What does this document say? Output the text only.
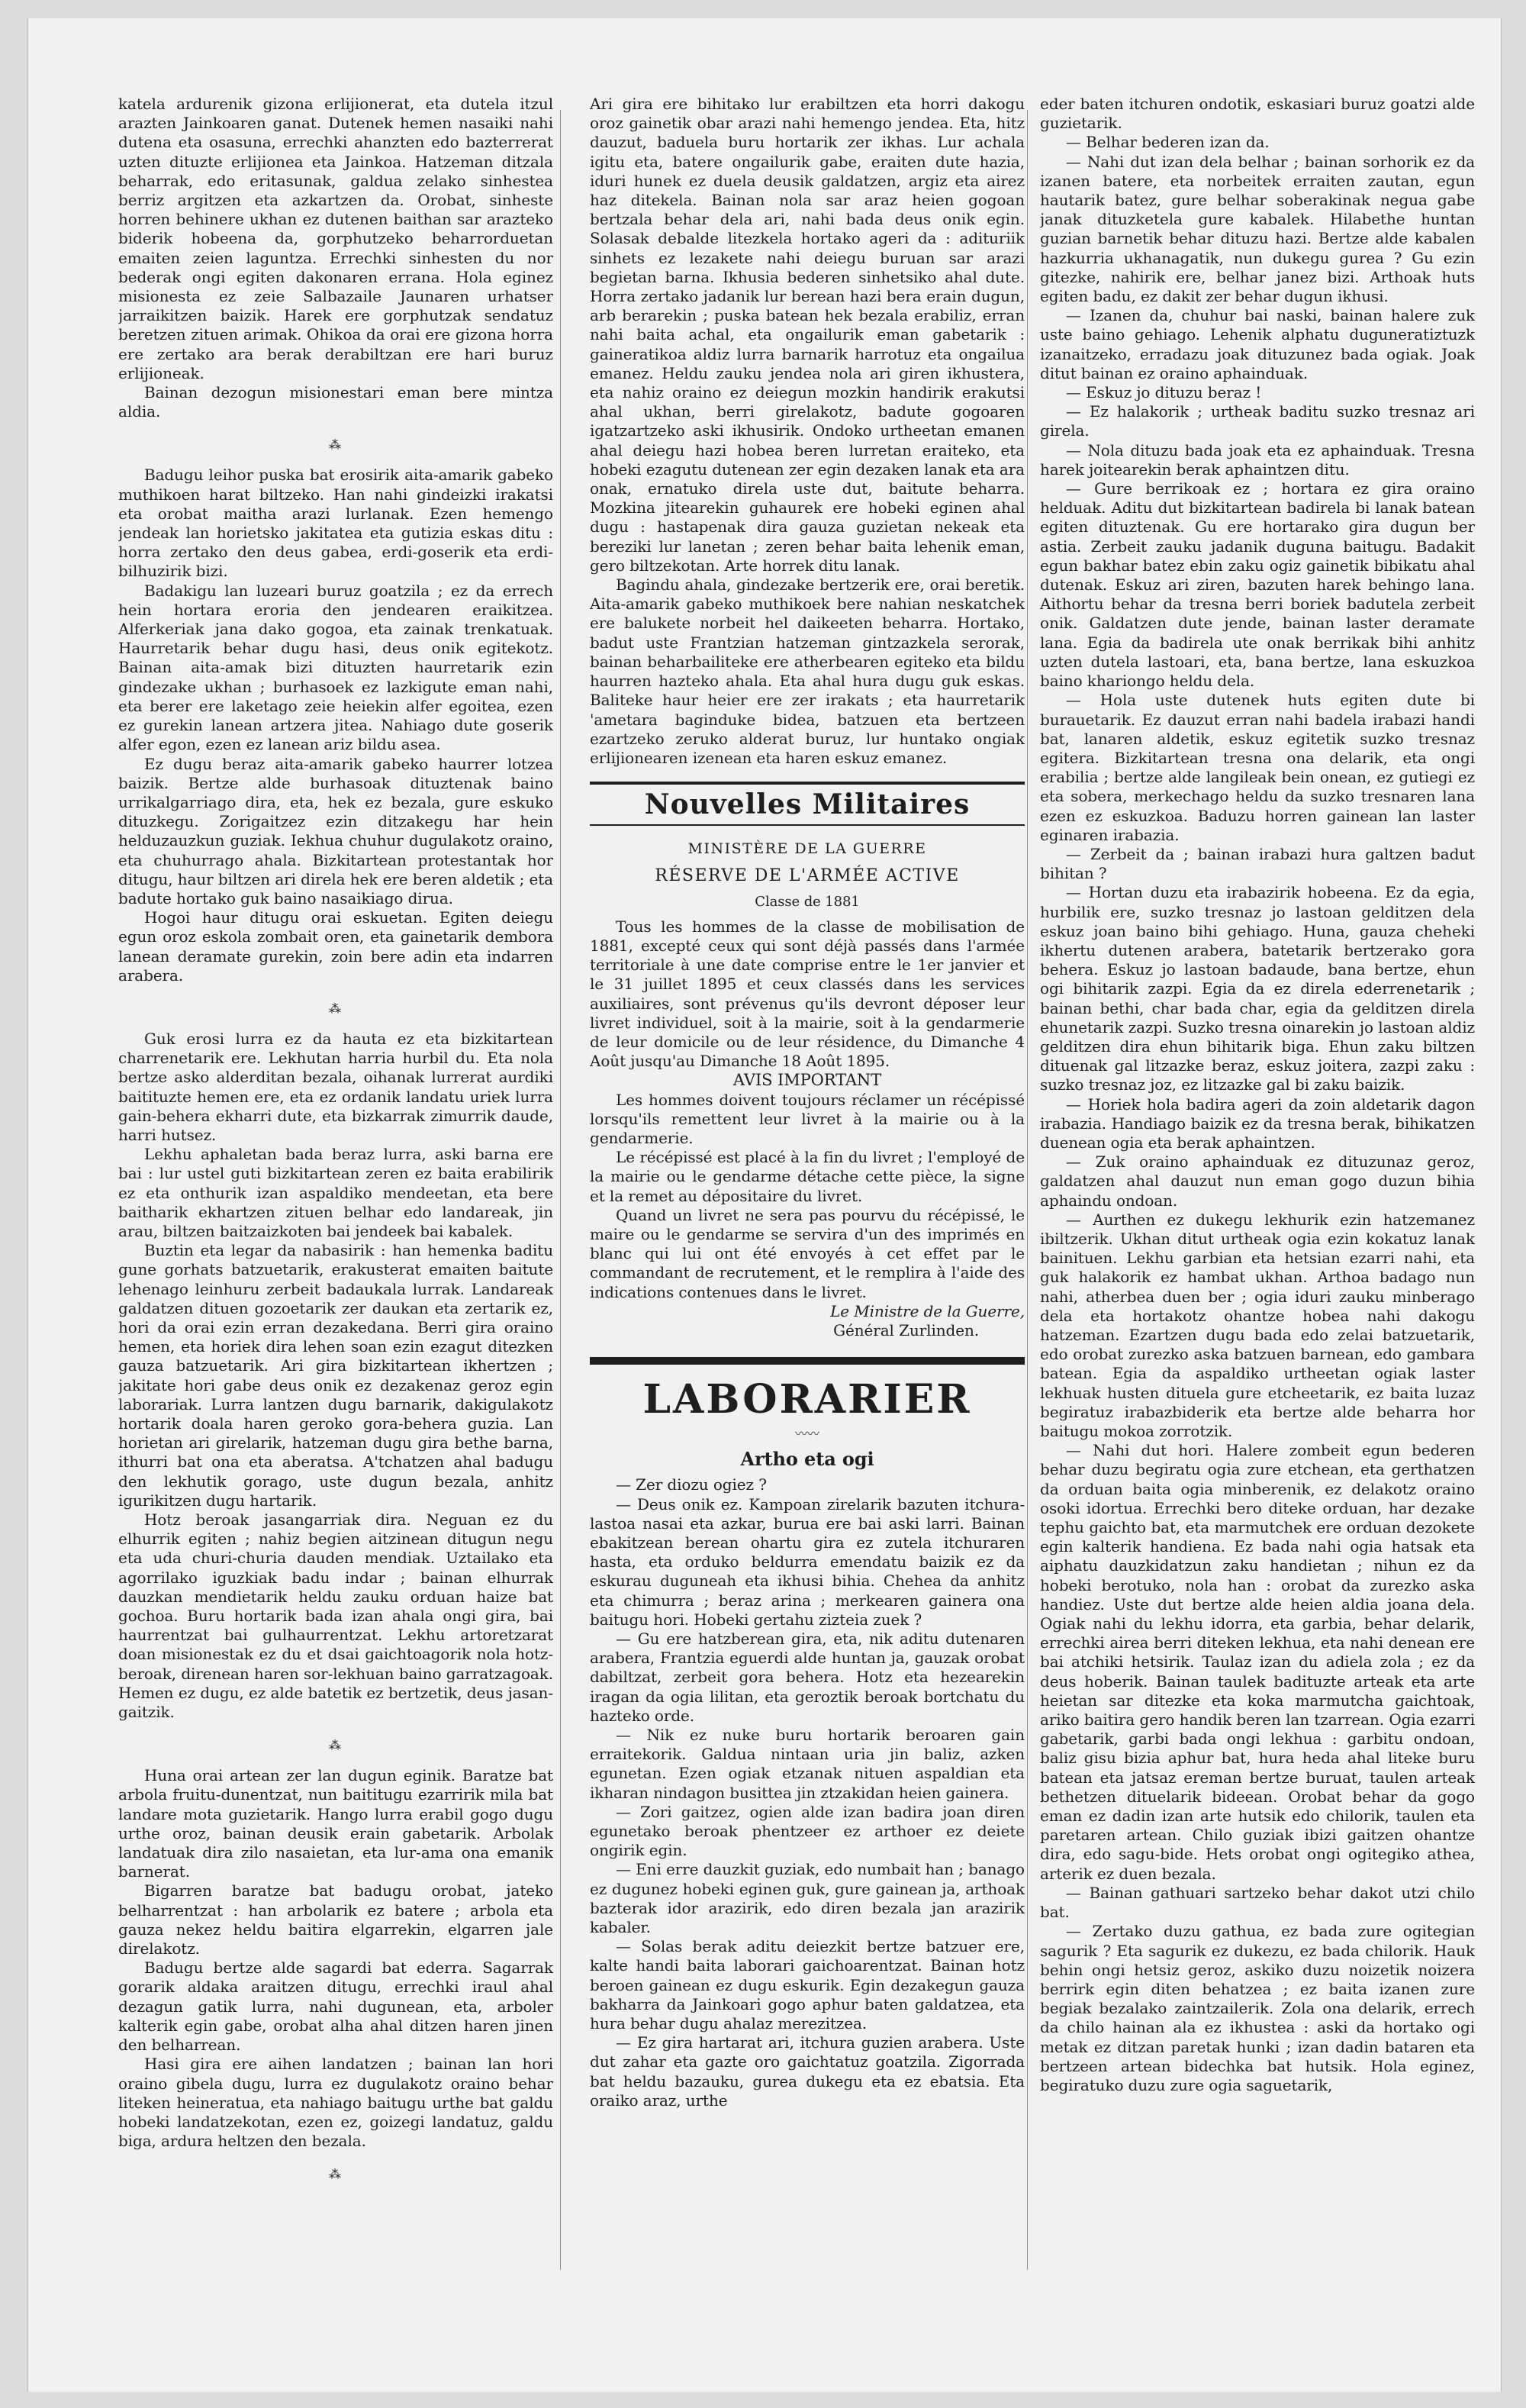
katela ardurenik gizona erlijionerat, eta dutela itzul arazten Jainkoaren ganat. Dutenek hemen nasaiki nahi dutena eta osasuna, errechki ahanzten edo bazterrerat uzten dituzte erlijionea eta Jainkoa. Hatzeman ditzala beharrak, edo eritasunak, galdua zelako sinhestea berriz argitzen eta azkartzen da. Orobat, sinheste horren behinere ukhan ez dutenen baithan sar arazteko biderik hobeena da, gorphutzeko beharrorduetan emaiten zeien laguntza. Errechki sinhesten du nor bederak ongi egiten dakonaren errana. Hola eginez misionesta ez zeie Salbazaile Jaunaren urhatser jarraikitzen baizik. Harek ere gorphutzak sendatuz beretzen zituen arimak. Ohikoa da orai ere gizona horra ere zertako ara berak derabiltzan ere hari buruz erlijioneak.

Bainan dezogun misionestari eman bere mintza aldia.

⁂

Badugu leihor puska bat erosirik aita-amarik gabeko muthikoen harat biltzeko. Han nahi gindeizki irakatsi eta orobat maitha arazi lurlanak. Ezen hemengo jendeak lan horietsko jakitatea eta gutizia eskas ditu : horra zertako den deus gabea, erdi-goserik eta erdi-bilhuzirik bizi.

Badakigu lan luzeari buruz goatzila ; ez da errech hein hortara eroria den jendearen eraikitzea. Alferkeriak jana dako gogoa, eta zainak trenkatuak. Haurretarik behar dugu hasi, deus onik egitekotz. Bainan aita-amak bizi dituzten haurretarik ezin gindezake ukhan ; burhasoek ez lazkigute eman nahi, eta berer ere laketago zeie heiekin alfer egoitea, ezen ez gurekin lanean artzera jitea. Nahiago dute goserik alfer egon, ezen ez lanean ariz bildu asea.

Ez dugu beraz aita-amarik gabeko haurrer lotzea baizik. Bertze alde burhasoak dituztenak baino urrikalgarriago dira, eta, hek ez bezala, gure eskuko dituzkegu. Zorigaitzez ezin ditzakegu har hein helduzauzkun guziak. Iekhua chuhur dugulakotz oraino, eta chuhurrago ahala. Bizkitartean protestantak hor ditugu, haur biltzen ari direla hek ere beren aldetik ; eta badute hortako guk baino nasaikiago dirua.

Hogoi haur ditugu orai eskuetan. Egiten deiegu egun oroz eskola zombait oren, eta gainetarik dembora lanean deramate gurekin, zoin bere adin eta indarren arabera.

⁂

Guk erosi lurra ez da hauta ez eta bizkitartean charrenetarik ere. Lekhutan harria hurbil du. Eta nola bertze asko alderditan bezala, oihanak lurrerat aurdiki baitituzte hemen ere, eta ez ordanik landatu uriek lurra gain-behera ekharri dute, eta bizkarrak zimurrik daude, harri hutsez.

Lekhu aphaletan bada beraz lurra, aski barna ere bai : lur ustel guti bizkitartean zeren ez baita erabilirik ez eta onthurik izan aspaldiko mendeetan, eta bere baitharik ekhartzen zituen belhar edo landareak, jin arau, biltzen baitzaizkoten bai jendeek bai kabalek.

Buztin eta legar da nabasirik : han hemenka baditu gune gorhats batzuetarik, erakusterat emaiten baitute lehenago leinhuru zerbeit badaukala lurrak. Landareak galdatzen dituen gozoetarik zer daukan eta zertarik ez, hori da orai ezin erran dezakedana. Berri gira oraino hemen, eta horiek dira lehen soan ezin ezagut ditezken gauza batzuetarik. Ari gira bizkitartean ikhertzen ; jakitate hori gabe deus onik ez dezakenaz geroz egin laborariak. Lurra lantzen dugu barnarik, dakigulakotz hortarik doala haren geroko gora-behera guzia. Lan horietan ari girelarik, hatzeman dugu gira bethe barna, ithurri bat ona eta aberatsa. A'tchatzen ahal badugu den lekhutik gorago, uste dugun bezala, anhitz igurikitzen dugu hartarik.

Hotz beroak jasangarriak dira. Neguan ez du elhurrik egiten ; nahiz begien aitzinean ditugun negu eta uda churi-churia dauden mendiak. Uztailako eta agorrilako iguzkiak badu indar ; bainan elhurrak dauzkan mendietarik heldu zauku orduan haize bat gochoa. Buru hortarik bada izan ahala ongi gira, bai haurrentzat bai gulhaurrentzat. Lekhu artoretzarat doan misionestak ez du et dsai gaichtoagorik nola hotz-beroak, direnean haren sor-lekhuan baino garratzagoak. Hemen ez dugu, ez alde batetik ez bertzetik, deus jasan-gaitzik.

⁂

Huna orai artean zer lan dugun eginik. Baratze bat arbola fruitu-dunentzat, nun baititugu ezarririk mila bat landare mota guzietarik. Hango lurra erabil gogo dugu urthe oroz, bainan deusik erain gabetarik. Arbolak landatuak dira zilo nasaietan, eta lur-ama ona emanik barnerat.

Bigarren baratze bat badugu orobat, jateko belharrentzat : han arbolarik ez batere ; arbola eta gauza nekez heldu baitira elgarrekin, elgarren jale direlakotz.

Badugu bertze alde sagardi bat ederra. Sagarrak gorarik aldaka araitzen ditugu, errechki iraul ahal dezagun gatik lurra, nahi dugunean, eta, arboler kalterik egin gabe, orobat alha ahal ditzen haren jinen den belharrean.

Hasi gira ere aihen landatzen ; bainan lan hori oraino gibela dugu, lurra ez dugulakotz oraino behar liteken heineratua, eta nahiago baitugu urthe bat galdu hobeki landatzekotan, ezen ez, goizegi landatuz, galdu biga, ardura heltzen den bezala.

⁂

Ari gira ere bihitako lur erabiltzen eta horri dakogu oroz gainetik obar arazi nahi hemengo jendea. Eta, hitz dauzut, baduela buru hortarik zer ikhas. Lur achala igitu eta, batere ongailurik gabe, eraiten dute hazia, iduri hunek ez duela deusik galdatzen, argiz eta airez haz ditekela. Bainan nola sar araz heien gogoan bertzala behar dela ari, nahi bada deus onik egin. Solasak debalde litezkela hortako ageri da : adituriik sinhets ez lezakete nahi deiegu buruan sar arazi begietan barna. Ikhusia bederen sinhetsiko ahal dute. Horra zertako jadanik lur berean hazi bera erain dugun, arb berarekin ; puska batean hek bezala erabiliz, erran nahi baita achal, eta ongailurik eman gabetarik : gaineratikoa aldiz lurra barnarik harrotuz eta ongailua emanez. Heldu zauku jendea nola ari giren ikhustera, eta nahiz oraino ez deiegun mozkin handirik erakutsi ahal ukhan, berri girelakotz, badute gogoaren igatzartzeko aski ikhusirik. Ondoko urtheetan emanen ahal deiegu hazi hobea beren lurretan eraiteko, eta hobeki ezagutu dutenean zer egin dezaken lanak eta ara onak, ernatuko direla uste dut, baitute beharra. Mozkina jitearekin guhaurek ere hobeki eginen ahal dugu : hastapenak dira gauza guzietan nekeak eta bereziki lur lanetan ; zeren behar baita lehenik eman, gero biltzekotan. Arte horrek ditu lanak.

Bagindu ahala, gindezake bertzerik ere, orai beretik. Aita-amarik gabeko muthikoek bere nahian neskatchek ere balukete norbeit hel daikeeten beharra. Hortako, badut uste Frantzian hatzeman gintzazkela serorak, bainan beharbailiteke ere atherbearen egiteko eta bildu haurren hazteko ahala. Eta ahal hura dugu guk eskas. Baliteke haur heier ere zer irakats ; eta haurretarik 'ametara baginduke bidea, batzuen eta bertzeen ezartzeko zeruko alderat buruz, lur huntako ongiak erlijionearen izenean eta haren eskuz emanez.

Nouvelles Militaires

MINISTÈRE DE LA GUERRE

RÉSERVE DE L'ARMÉE ACTIVE

Classe de 1881

Tous les hommes de la classe de mobilisation de 1881, excepté ceux qui sont déjà passés dans l'armée territoriale à une date comprise entre le 1er janvier et le 31 juillet 1895 et ceux classés dans les services auxiliaires, sont prévenus qu'ils devront déposer leur livret individuel, soit à la mairie, soit à la gendarmerie de leur domicile ou de leur résidence, du Dimanche 4 Août jusqu'au Dimanche 18 Août 1895.

AVIS IMPORTANT

Les hommes doivent toujours réclamer un récépissé lorsqu'ils remettent leur livret à la mairie ou à la gendarmerie.

Le récépissé est placé à la fin du livret ; l'employé de la mairie ou le gendarme détache cette pièce, la signe et la remet au dépositaire du livret.

Quand un livret ne sera pas pourvu du récépissé, le maire ou le gendarme se servira d'un des imprimés en blanc qui lui ont été envoyés à cet effet par le commandant de recrutement, et le remplira à l'aide des indications contenues dans le livret.

Le Ministre de la Guerre,

Général Zurlinden.

LABORARIER
〰〰
Artho eta ogi

— Zer diozu ogiez ?

— Deus onik ez. Kampoan zirelarik bazuten itchura-lastoa nasai eta azkar, burua ere bai aski larri. Bainan ebakitzean berean ohartu gira ez zutela itchuraren hasta, eta orduko beldurra emendatu baizik ez da eskurau duguneah eta ikhusi bihia. Chehea da anhitz eta chimurra ; beraz arina ; merkearen gainera ona baitugu hori. Hobeki gertahu zizteia zuek ?

— Gu ere hatzberean gira, eta, nik aditu dutenaren arabera, Frantzia eguerdi alde huntan ja, gauzak orobat dabiltzat, zerbeit gora behera. Hotz eta hezearekin iragan da ogia lilitan, eta geroztik beroak bortchatu du hazteko orde.

— Nik ez nuke buru hortarik beroaren gain erraitekorik. Galdua nintaan uria jin baliz, azken egunetan. Ezen ogiak etzanak nituen aspaldian eta ikharan nindagon busittea jin ztzakidan heien gainera.

— Zori gaitzez, ogien alde izan badira joan diren egunetako beroak phentzeer ez arthoer ez deiete ongirik egin.

— Eni erre dauzkit guziak, edo numbait han ; banago ez dugunez hobeki eginen guk, gure gainean ja, arthoak bazterak idor arazirik, edo diren bezala jan arazirik kabaler.

— Solas berak aditu deiezkit bertze batzuer ere, kalte handi baita laborari gaichoarentzat. Bainan hotz beroen gainean ez dugu eskurik. Egin dezakegun gauza bakharra da Jainkoari gogo aphur baten galdatzea, eta hura behar dugu ahalaz merezitzea.

— Ez gira hartarat ari, itchura guzien arabera. Uste dut zahar eta gazte oro gaichtatuz goatzila. Zigorrada bat heldu bazauku, gurea dukegu eta ez ebatsia. Eta oraiko araz, urthe

eder baten itchuren ondotik, eskasiari buruz goatzi alde guzietarik.

— Belhar bederen izan da.

— Nahi dut izan dela belhar ; bainan sorhorik ez da izanen batere, eta norbeitek erraiten zautan, egun hautarik batez, gure belhar soberakinak negua gabe janak dituzketela gure kabalek. Hilabethe huntan guzian barnetik behar dituzu hazi. Bertze alde kabalen hazkurria ukhanagatik, nun dukegu gurea ? Gu ezin gitezke, nahirik ere, belhar janez bizi. Arthoak huts egiten badu, ez dakit zer behar dugun ikhusi.

— Izanen da, chuhur bai naski, bainan halere zuk uste baino gehiago. Lehenik alphatu duguneratiztuzk izanaitzeko, erradazu joak dituzunez bada ogiak. Joak ditut bainan ez oraino aphainduak.

— Eskuz jo dituzu beraz !

— Ez halakorik ; urtheak baditu suzko tresnaz ari girela.

— Nola dituzu bada joak eta ez aphainduak. Tresna harek joitearekin berak aphaintzen ditu.

— Gure berrikoak ez ; hortara ez gira oraino helduak. Aditu dut bizkitartean badirela bi lanak batean egiten dituztenak. Gu ere hortarako gira dugun ber astia. Zerbeit zauku jadanik duguna baitugu. Badakit egun bakhar batez ebin zaku ogiz gainetik bibikatu ahal dutenak. Eskuz ari ziren, bazuten harek behingo lana. Aithortu behar da tresna berri boriek badutela zerbeit onik. Galdatzen dute jende, bainan laster deramate lana. Egia da badirela ute onak berrikak bihi anhitz uzten dutela lastoari, eta, bana bertze, lana eskuzkoa baino khariongo heldu dela.

— Hola uste dutenek huts egiten dute bi burauetarik. Ez dauzut erran nahi badela irabazi handi bat, lanaren aldetik, eskuz egitetik suzko tresnaz egitera. Bizkitartean tresna ona delarik, eta ongi erabilia ; bertze alde langileak bein onean, ez gutiegi ez eta sobera, merkechago heldu da suzko tresnaren lana ezen ez eskuzkoa. Baduzu horren gainean lan laster eginaren irabazia.

— Zerbeit da ; bainan irabazi hura galtzen badut bihitan ?

— Hortan duzu eta irabazirik hobeena. Ez da egia, hurbilik ere, suzko tresnaz jo lastoan gelditzen dela eskuz joan baino bihi gehiago. Huna, gauza cheheki ikhertu dutenen arabera, batetarik bertzerako gora behera. Eskuz jo lastoan badaude, bana bertze, ehun ogi bihitarik zazpi. Egia da ez direla ederrenetarik ; bainan bethi, char bada char, egia da gelditzen direla ehunetarik zazpi. Suzko tresna oinarekin jo lastoan aldiz gelditzen dira ehun bihitarik biga. Ehun zaku biltzen dituenak gal litzazke beraz, eskuz joitera, zazpi zaku : suzko tresnaz joz, ez litzazke gal bi zaku baizik.

— Horiek hola badira ageri da zoin aldetarik dagon irabazia. Handiago baizik ez da tresna berak, bihikatzen duenean ogia eta berak aphaintzen.

— Zuk oraino aphainduak ez dituzunaz geroz, galdatzen ahal dauzut nun eman gogo duzun bihia aphaindu ondoan.

— Aurthen ez dukegu lekhurik ezin hatzemanez ibiltzerik. Ukhan ditut urtheak ogia ezin kokatuz lanak bainituen. Lekhu garbian eta hetsian ezarri nahi, eta guk halakorik ez hambat ukhan. Arthoa badago nun nahi, atherbea duen ber ; ogia iduri zauku minberago dela eta hortakotz ohantze hobea nahi dakogu hatzeman. Ezartzen dugu bada edo zelai batzuetarik, edo orobat zurezko aska batzuen barnean, edo gambara batean. Egia da aspaldiko urtheetan ogiak laster lekhuak husten dituela gure etcheetarik, ez baita luzaz begiratuz irabazbiderik eta bertze alde beharra hor baitugu mokoa zorrotzik.

— Nahi dut hori. Halere zombeit egun bederen behar duzu begiratu ogia zure etchean, eta gerthatzen da orduan baita ogia minberenik, ez delakotz oraino osoki idortua. Errechki bero diteke orduan, har dezake tephu gaichto bat, eta marmutchek ere orduan dezokete egin kalterik handiena. Ez bada nahi ogia hatsak eta aiphatu dauzkidatzun zaku handietan ; nihun ez da hobeki berotuko, nola han : orobat da zurezko aska handiez. Uste dut bertze alde heien aldia joana dela. Ogiak nahi du lekhu idorra, eta garbia, behar delarik, errechki airea berri diteken lekhua, eta nahi denean ere bai atchiki hetsirik. Taulaz izan du adiela zola ; ez da deus hoberik. Bainan taulek badituzte arteak eta arte heietan sar ditezke eta koka marmutcha gaichtoak, ariko baitira gero handik beren lan tzarrean. Ogia ezarri gabetarik, garbi bada ongi lekhua : garbitu ondoan, baliz gisu bizia aphur bat, hura heda ahal liteke buru batean eta jatsaz ereman bertze buruat, taulen arteak bethetzen dituelarik bideean. Orobat behar da gogo eman ez dadin izan arte hutsik edo chilorik, taulen eta paretaren artean. Chilo guziak ibizi gaitzen ohantze dira, edo sagu-bide. Hets orobat ongi ogitegiko athea, arterik ez duen bezala.

— Bainan gathuari sartzeko behar dakot utzi chilo bat.

— Zertako duzu gathua, ez bada zure ogitegian sagurik ? Eta sagurik ez dukezu, ez bada chilorik. Hauk behin ongi hetsiz geroz, askiko duzu noizetik noizera berrirk egin diten behatzea ; ez baita izanen zure begiak bezalako zaintzailerik. Zola ona delarik, errech da chilo hainan ala ez ikhustea : aski da hortako ogi metak ez ditzan paretak hunki ; izan dadin bataren eta bertzeen artean bidechka bat hutsik. Hola eginez, begiratuko duzu zure ogia saguetarik,
